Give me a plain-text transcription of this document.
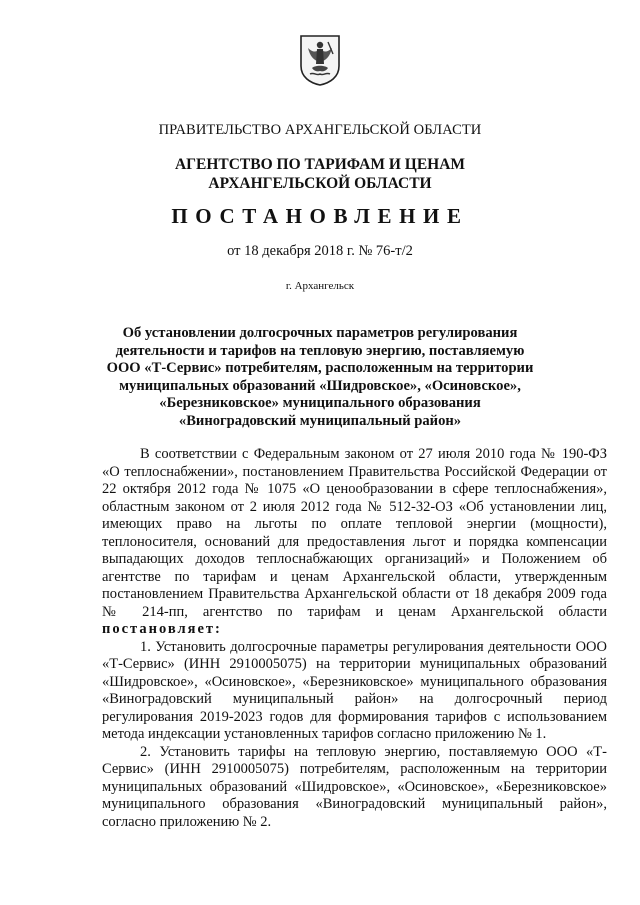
ПРАВИТЕЛЬСТВО АРХАНГЕЛЬСКОЙ ОБЛАСТИ
АГЕНТСТВО ПО ТАРИФАМ И ЦЕНАМ
АРХАНГЕЛЬСКОЙ ОБЛАСТИ
ПОСТАНОВЛЕНИЕ
от 18 декабря 2018 г. № 76-т/2
г. Архангельск
Об установлении долгосрочных параметров регулирования
деятельности и тарифов на тепловую энергию, поставляемую
ООО «Т-Сервис» потребителям, расположенным на территории
муниципальных образований «Шидровское», «Осиновское»,
«Березниковское» муниципального образования
«Виноградовский муниципальный район»

В соответствии с Федеральным законом от 27 июля 2010 года № 190-ФЗ «О теплоснабжении», постановлением Правительства Российской Федерации от 22 октября 2012 года № 1075 «О ценообразовании в сфере теплоснабжения», областным законом от 2 июля 2012 года № 512-32-ОЗ «Об установлении лиц, имеющих право на льготы по оплате тепловой энергии (мощности), теплоносителя, оснований для предоставления льгот и порядка компенсации выпадающих доходов теплоснабжающих организаций» и Положением об агентстве по тарифам и ценам Архангельской области, утвержденным постановлением Правительства Архангельской области от 18 декабря 2009 года № 214-пп, агентство по тарифам и ценам Архангельской области постановляет:

1. Установить долгосрочные параметры регулирования деятельности ООО «Т-Сервис» (ИНН 2910005075) на территории муниципальных образований «Шидровское», «Осиновское», «Березниковское» муниципального образования «Виноградовский муниципальный район» на долгосрочный период регулирования 2019-2023 годов для формирования тарифов с использованием метода индексации установленных тарифов согласно приложению № 1.

2. Установить тарифы на тепловую энергию, поставляемую ООО «Т-Сервис» (ИНН 2910005075) потребителям, расположенным на территории муниципальных образований «Шидровское», «Осиновское», «Березниковское» муниципального образования «Виноградовский муниципальный район», согласно приложению № 2.
